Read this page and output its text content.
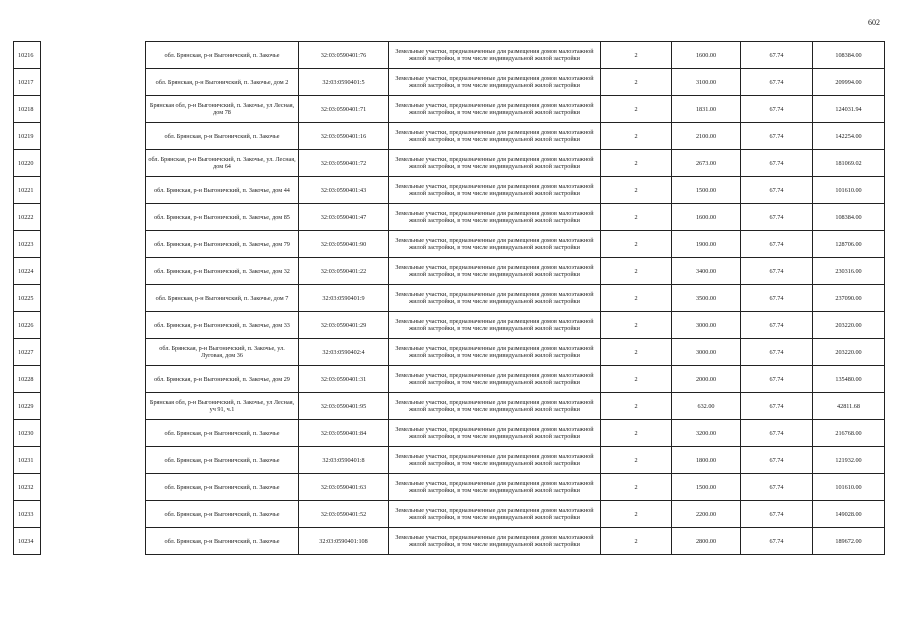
602
10216		обл. Брянская, р-н Выгоничский, п. Закочье	32:03:0590401:76	Земельные участки, предназначенные для размещения домов малоэтажной жилой застройки, в том числе индивидуальной жилой застройки	2	1600.00	67.74	108384.00
10217		обл. Брянская, р-н Выгоничский, п. Закочье, дом 2	32:03:0590401:5	Земельные участки, предназначенные для размещения домов малоэтажной жилой застройки, в том числе индивидуальной жилой застройки	2	3100.00	67.74	209994.00
10218		Брянская обл, р-н Выгоничский, п. Закочье, ул Лесная, дом 78	32:03:0590401:71	Земельные участки, предназначенные для размещения домов малоэтажной жилой застройки, в том числе индивидуальной жилой застройки	2	1831.00	67.74	124031.94
10219		обл. Брянская, р-н Выгоничский, п. Закочье	32:03:0590401:16	Земельные участки, предназначенные для размещения домов малоэтажной жилой застройки, в том числе индивидуальной жилой застройки	2	2100.00	67.74	142254.00
10220		обл. Брянская, р-н Выгоничский, п. Закочье, ул. Лесная, дом 64	32:03:0590401:72	Земельные участки, предназначенные для размещения домов малоэтажной жилой застройки, в том числе индивидуальной жилой застройки	2	2673.00	67.74	181069.02
10221		обл. Брянская, р-н Выгоничский, п. Закочье, дом 44	32:03:0590401:43	Земельные участки, предназначенные для размещения домов малоэтажной жилой застройки, в том числе индивидуальной жилой застройки	2	1500.00	67.74	101610.00
10222		обл. Брянская, р-н Выгоничский, п. Закочье, дом 85	32:03:0590401:47	Земельные участки, предназначенные для размещения домов малоэтажной жилой застройки, в том числе индивидуальной жилой застройки	2	1600.00	67.74	108384.00
10223		обл. Брянская, р-н Выгоничский, п. Закочье, дом 79	32:03:0590401:90	Земельные участки, предназначенные для размещения домов малоэтажной жилой застройки, в том числе индивидуальной жилой застройки	2	1900.00	67.74	128706.00
10224		обл. Брянская, р-н Выгоничский, п. Закочье, дом 32	32:03:0590401:22	Земельные участки, предназначенные для размещения домов малоэтажной жилой застройки, в том числе индивидуальной жилой застройки	2	3400.00	67.74	230316.00
10225		обл. Брянская, р-н Выгоничский, п. Закочье, дом 7	32:03:0590401:9	Земельные участки, предназначенные для размещения домов малоэтажной жилой застройки, в том числе индивидуальной жилой застройки	2	3500.00	67.74	237090.00
10226		обл. Брянская, р-н Выгоничский, п. Закочье, дом 33	32:03:0590401:29	Земельные участки, предназначенные для размещения домов малоэтажной жилой застройки, в том числе индивидуальной жилой застройки	2	3000.00	67.74	203220.00
10227		обл. Брянская, р-н Выгоничский, п. Закочье, ул. Луговая, дом 36	32:03:0590402:4	Земельные участки, предназначенные для размещения домов малоэтажной жилой застройки, в том числе индивидуальной жилой застройки	2	3000.00	67.74	203220.00
10228		обл. Брянская, р-н Выгоничский, п. Закочье, дом 29	32:03:0590401:31	Земельные участки, предназначенные для размещения домов малоэтажной жилой застройки, в том числе индивидуальной жилой застройки	2	2000.00	67.74	135480.00
10229		Брянская обл, р-н Выгоничский, п. Закочье, ул Лесная, уч 91, ч.1	32:03:0590401:95	Земельные участки, предназначенные для размещения домов малоэтажной жилой застройки, в том числе индивидуальной жилой застройки	2	632.00	67.74	42811.68
10230		обл. Брянская, р-н Выгоничский, п. Закочье	32:03:0590401:84	Земельные участки, предназначенные для размещения домов малоэтажной жилой застройки, в том числе индивидуальной жилой застройки	2	3200.00	67.74	216768.00
10231		обл. Брянская, р-н Выгоничский, п. Закочье	32:03:0590401:8	Земельные участки, предназначенные для размещения домов малоэтажной жилой застройки, в том числе индивидуальной жилой застройки	2	1800.00	67.74	121932.00
10232		обл. Брянская, р-н Выгоничский, п. Закочье	32:03:0590401:63	Земельные участки, предназначенные для размещения домов малоэтажной жилой застройки, в том числе индивидуальной жилой застройки	2	1500.00	67.74	101610.00
10233		обл. Брянская, р-н Выгоничский, п. Закочье	32:03:0590401:52	Земельные участки, предназначенные для размещения домов малоэтажной жилой застройки, в том числе индивидуальной жилой застройки	2	2200.00	67.74	149028.00
10234		обл. Брянская, р-н Выгоничский, п. Закочье	32:03:0590401:108	Земельные участки, предназначенные для размещения домов малоэтажной жилой застройки, в том числе индивидуальной жилой застройки	2	2800.00	67.74	189672.00
